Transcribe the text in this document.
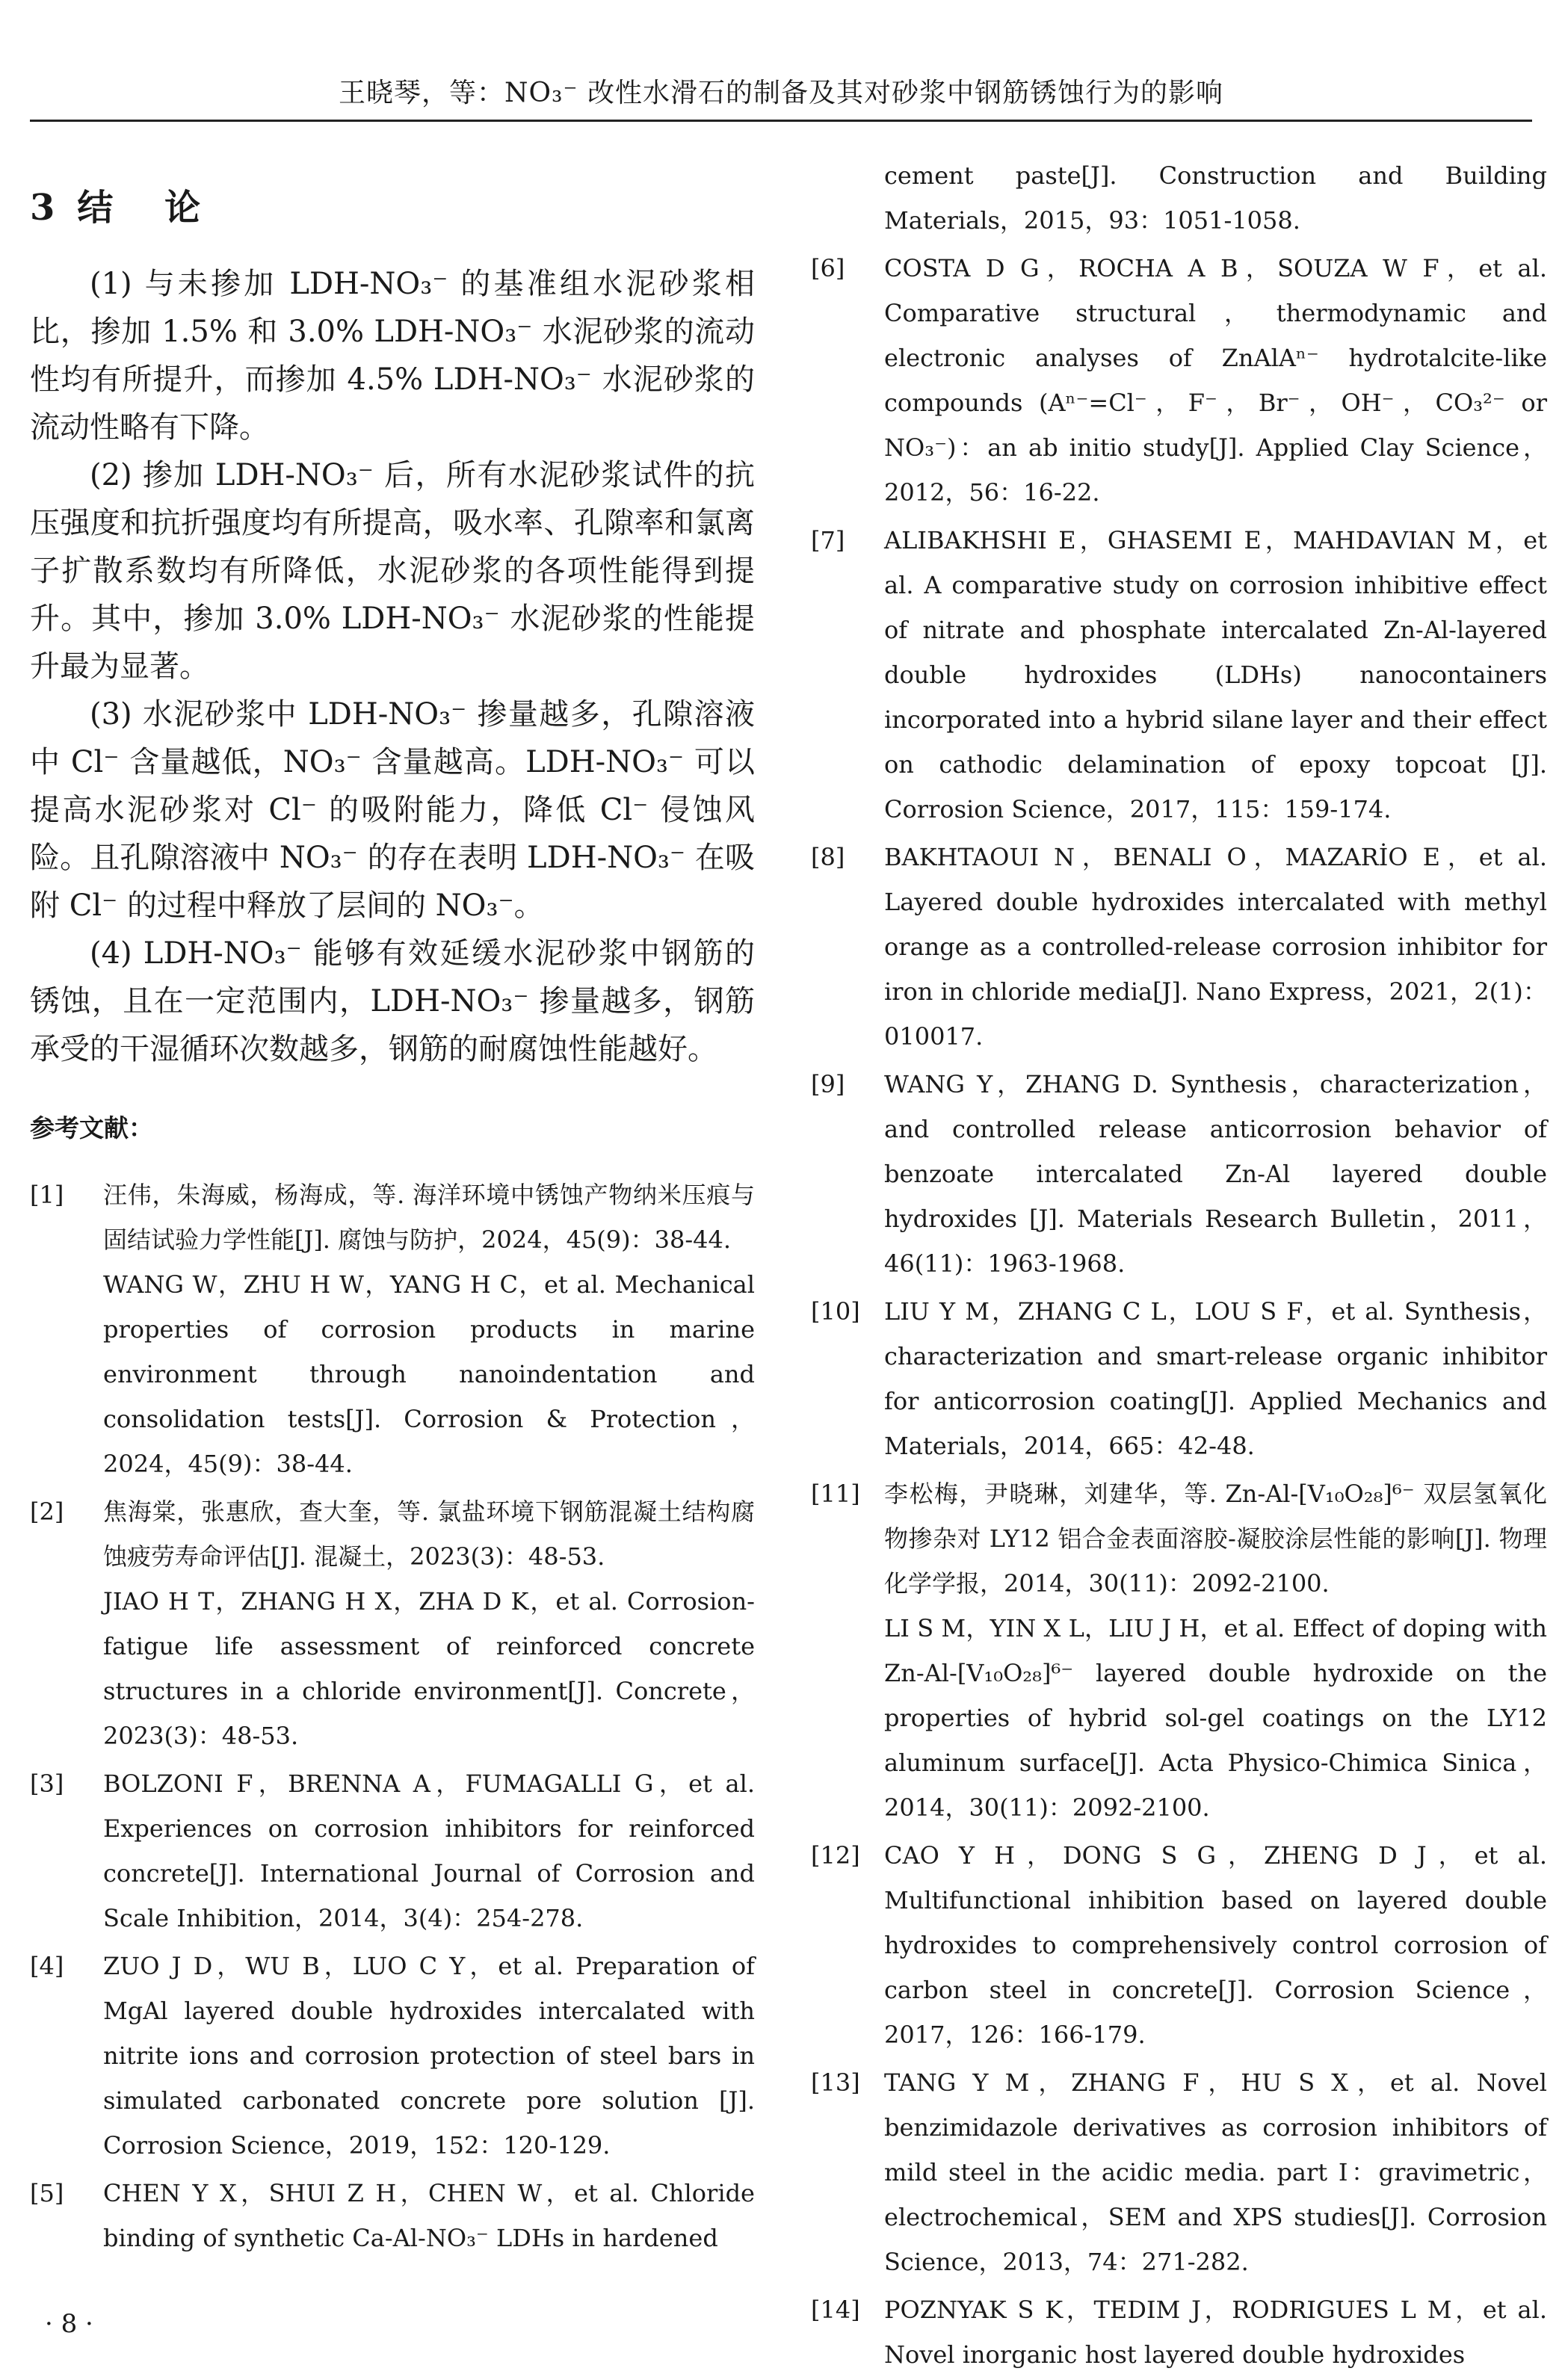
王晓琴，等：NO₃⁻ 改性水滑石的制备及其对砂浆中钢筋锈蚀行为的影响
3 结 论

(1) 与未掺加 LDH-NO₃⁻ 的基准组水泥砂浆相比，掺加 1.5% 和 3.0% LDH-NO₃⁻ 水泥砂浆的流动性均有所提升，而掺加 4.5% LDH-NO₃⁻ 水泥砂浆的流动性略有下降。

(2) 掺加 LDH-NO₃⁻ 后，所有水泥砂浆试件的抗压强度和抗折强度均有所提高，吸水率、孔隙率和氯离子扩散系数均有所降低，水泥砂浆的各项性能得到提升。其中，掺加 3.0% LDH-NO₃⁻ 水泥砂浆的性能提升最为显著。

(3) 水泥砂浆中 LDH-NO₃⁻ 掺量越多，孔隙溶液中 Cl⁻ 含量越低，NO₃⁻ 含量越高。LDH-NO₃⁻ 可以提高水泥砂浆对 Cl⁻ 的吸附能力，降低 Cl⁻ 侵蚀风险。且孔隙溶液中 NO₃⁻ 的存在表明 LDH-NO₃⁻ 在吸附 Cl⁻ 的过程中释放了层间的 NO₃⁻。

(4) LDH-NO₃⁻ 能够有效延缓水泥砂浆中钢筋的锈蚀，且在一定范围内，LDH-NO₃⁻ 掺量越多，钢筋承受的干湿循环次数越多，钢筋的耐腐蚀性能越好。

参考文献：
[1] 汪伟，朱海威，杨海成，等. 海洋环境中锈蚀产物纳米压痕与固结试验力学性能[J]. 腐蚀与防护，2024，45(9)：38-44.
WANG W，ZHU H W，YANG H C，et al. Mechanical properties of corrosion products in marine environment through nanoindentation and consolidation tests[J]. Corrosion & Protection，2024，45(9)：38-44.
[2] 焦海棠，张惠欣，查大奎，等. 氯盐环境下钢筋混凝土结构腐蚀疲劳寿命评估[J]. 混凝土，2023(3)：48-53.
JIAO H T，ZHANG H X，ZHA D K，et al. Corrosion-fatigue life assessment of reinforced concrete structures in a chloride environment[J]. Concrete，2023(3)：48-53.
[3] BOLZONI F，BRENNA A，FUMAGALLI G，et al. Experiences on corrosion inhibitors for reinforced concrete[J]. International Journal of Corrosion and Scale Inhibition，2014，3(4)：254-278.
[4] ZUO J D，WU B，LUO C Y，et al. Preparation of MgAl layered double hydroxides intercalated with nitrite ions and corrosion protection of steel bars in simulated carbonated concrete pore solution [J]. Corrosion Science，2019，152：120-129.
[5] CHEN Y X，SHUI Z H，CHEN W，et al. Chloride binding of synthetic Ca-Al-NO₃⁻ LDHs in hardened
cement paste[J]. Construction and Building Materials，2015，93：1051-1058.
[6] COSTA D G，ROCHA A B，SOUZA W F，et al. Comparative structural，thermodynamic and electronic analyses of ZnAlAⁿ⁻ hydrotalcite-like compounds (Aⁿ⁻=Cl⁻，F⁻，Br⁻，OH⁻，CO₃²⁻ or NO₃⁻)：an ab initio study[J]. Applied Clay Science，2012，56：16-22.
[7] ALIBAKHSHI E，GHASEMI E，MAHDAVIAN M，et al. A comparative study on corrosion inhibitive effect of nitrate and phosphate intercalated Zn-Al-layered double hydroxides (LDHs) nanocontainers incorporated into a hybrid silane layer and their effect on cathodic delamination of epoxy topcoat [J]. Corrosion Science，2017，115：159-174.
[8] BAKHTAOUI N，BENALI O，MAZARİO E，et al. Layered double hydroxides intercalated with methyl orange as a controlled-release corrosion inhibitor for iron in chloride media[J]. Nano Express，2021，2(1)：010017.
[9] WANG Y，ZHANG D. Synthesis，characterization，and controlled release anticorrosion behavior of benzoate intercalated Zn-Al layered double hydroxides [J]. Materials Research Bulletin，2011，46(11)：1963-1968.
[10] LIU Y M，ZHANG C L，LOU S F，et al. Synthesis，characterization and smart-release organic inhibitor for anticorrosion coating[J]. Applied Mechanics and Materials，2014，665：42-48.
[11] 李松梅，尹晓琳，刘建华，等. Zn-Al-[V₁₀O₂₈]⁶⁻ 双层氢氧化物掺杂对 LY12 铝合金表面溶胶-凝胶涂层性能的影响[J]. 物理化学学报，2014，30(11)：2092-2100.
LI S M，YIN X L，LIU J H，et al. Effect of doping with Zn-Al-[V₁₀O₂₈]⁶⁻ layered double hydroxide on the properties of hybrid sol-gel coatings on the LY12 aluminum surface[J]. Acta Physico-Chimica Sinica，2014，30(11)：2092-2100.
[12] CAO Y H，DONG S G，ZHENG D J，et al. Multifunctional inhibition based on layered double hydroxides to comprehensively control corrosion of carbon steel in concrete[J]. Corrosion Science，2017，126：166-179.
[13] TANG Y M，ZHANG F，HU S X，et al. Novel benzimidazole derivatives as corrosion inhibitors of mild steel in the acidic media. part I：gravimetric，electrochemical，SEM and XPS studies[J]. Corrosion Science，2013，74：271-282.
[14] POZNYAK S K，TEDIM J，RODRIGUES L M，et al. Novel inorganic host layered double hydroxides
· 8 ·
